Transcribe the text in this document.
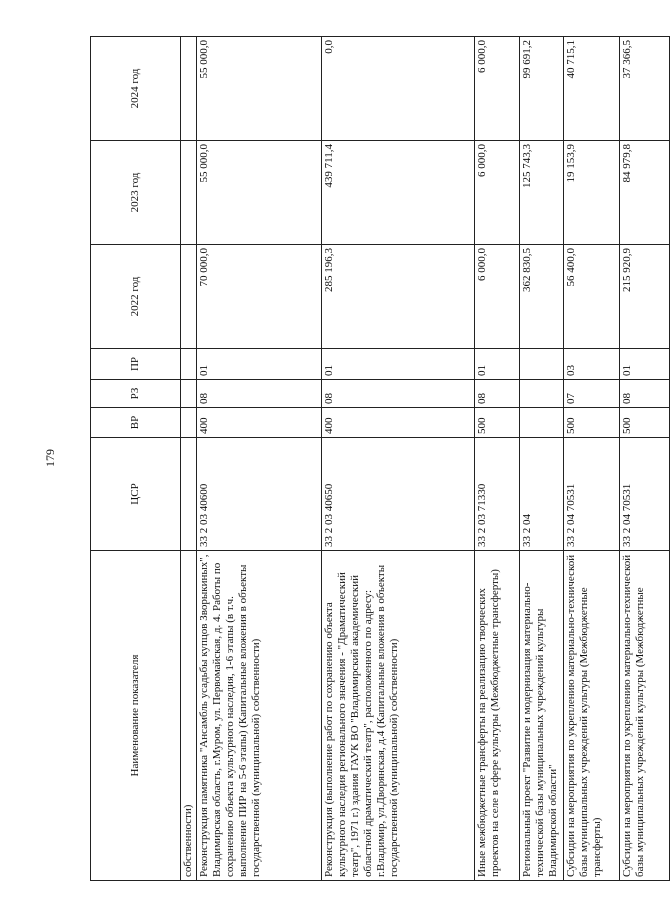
179
Наименование показателя	ЦСР	ВР	РЗ	ПР	2022 год	2023 год	2024 год
собственности)							
Реконструкция памятника "Ансамбль усадьбы купцов Зворыкиных", Владимирская область, г.Муром, ул. Первомайская, д. 4. Работы по сохранению объекта культурного наследия, 1-6 этапы (в т.ч. выполнение ПИР на 5-6 этапы) (Капитальные вложения в объекты государственной (муниципальной) собственности)	33 2 03 40600	400	08	01	70 000,0	55 000,0	55 000,0
Реконструкция (выполнение работ по сохранению объекта культурного наследия регионального значения - "Драматический театр", 1971 г.) здания ГАУК ВО "Владимирский академический областной драматический театр", расположенного по адресу: г.Владимир, ул.Дворянская, д.4 (Капитальные вложения в объекты государственной (муниципальной) собственности)	33 2 03 40650	400	08	01	285 196,3	439 711,4	0,0
Иные межбюджетные трансферты на реализацию творческих проектов на селе в сфере культуры (Межбюджетные трансферты)	33 2 03 71330	500	08	01	6 000,0	6 000,0	6 000,0
Региональный проект "Развитие и модернизация материально-технической базы муниципальных учреждений культуры Владимирской области"	33 2 04				362 830,5	125 743,3	99 691,2
Субсидии на мероприятия по укреплению материально-технической базы муниципальных учреждений культуры (Межбюджетные трансферты)	33 2 04 70531	500	07	03	56 400,0	19 153,9	40 715,1
Субсидии на мероприятия по укреплению материально-технической базы муниципальных учреждений культуры (Межбюджетные	33 2 04 70531	500	08	01	215 920,9	84 979,8	37 366,5
